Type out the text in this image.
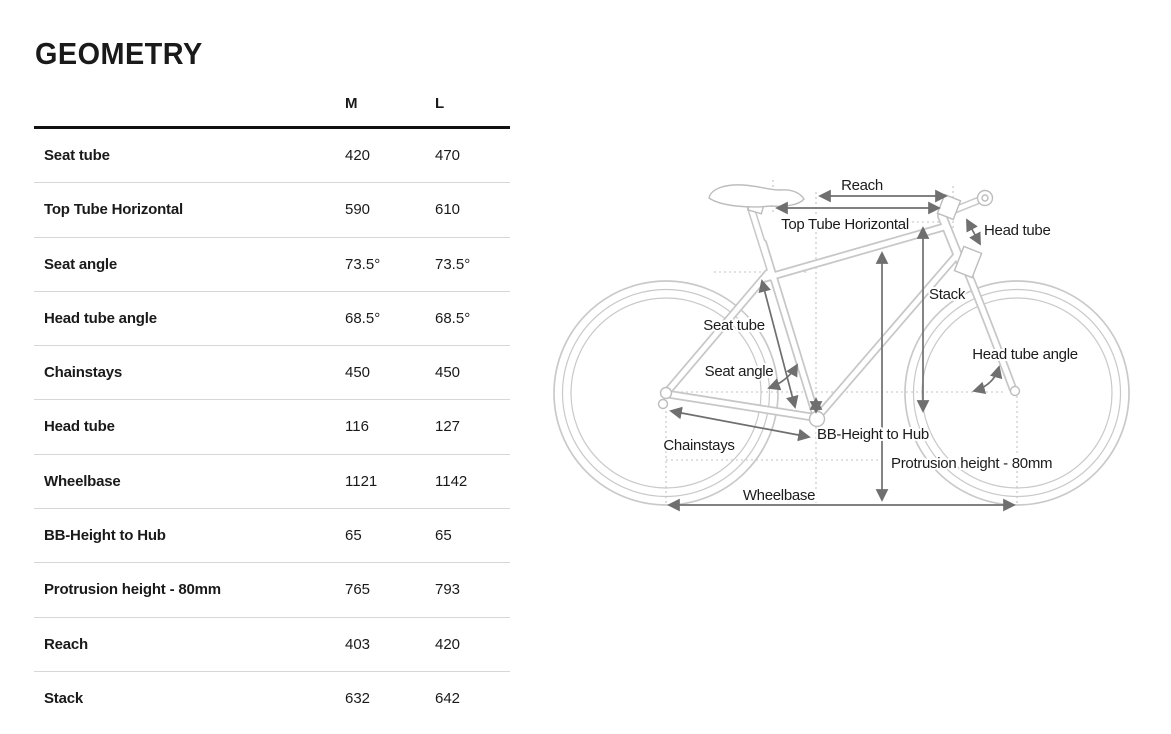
GEOMETRY
M	L
Seat tube	420	470
Top Tube Horizontal	590	610
Seat angle	73.5°	73.5°
Head tube angle	68.5°	68.5°
Chainstays	450	450
Head tube	116	127
Wheelbase	1121	1142
BB-Height to Hub	65	65
Protrusion height - 80mm	765	793
Reach	403	420
Stack	632	642
Reach
Top Tube Horizontal	Head tube
Stack
Seat tube
Seat angle
Head tube angle
Chainstays
BB-Height to Hub
Protrusion height - 80mm
Wheelbase
